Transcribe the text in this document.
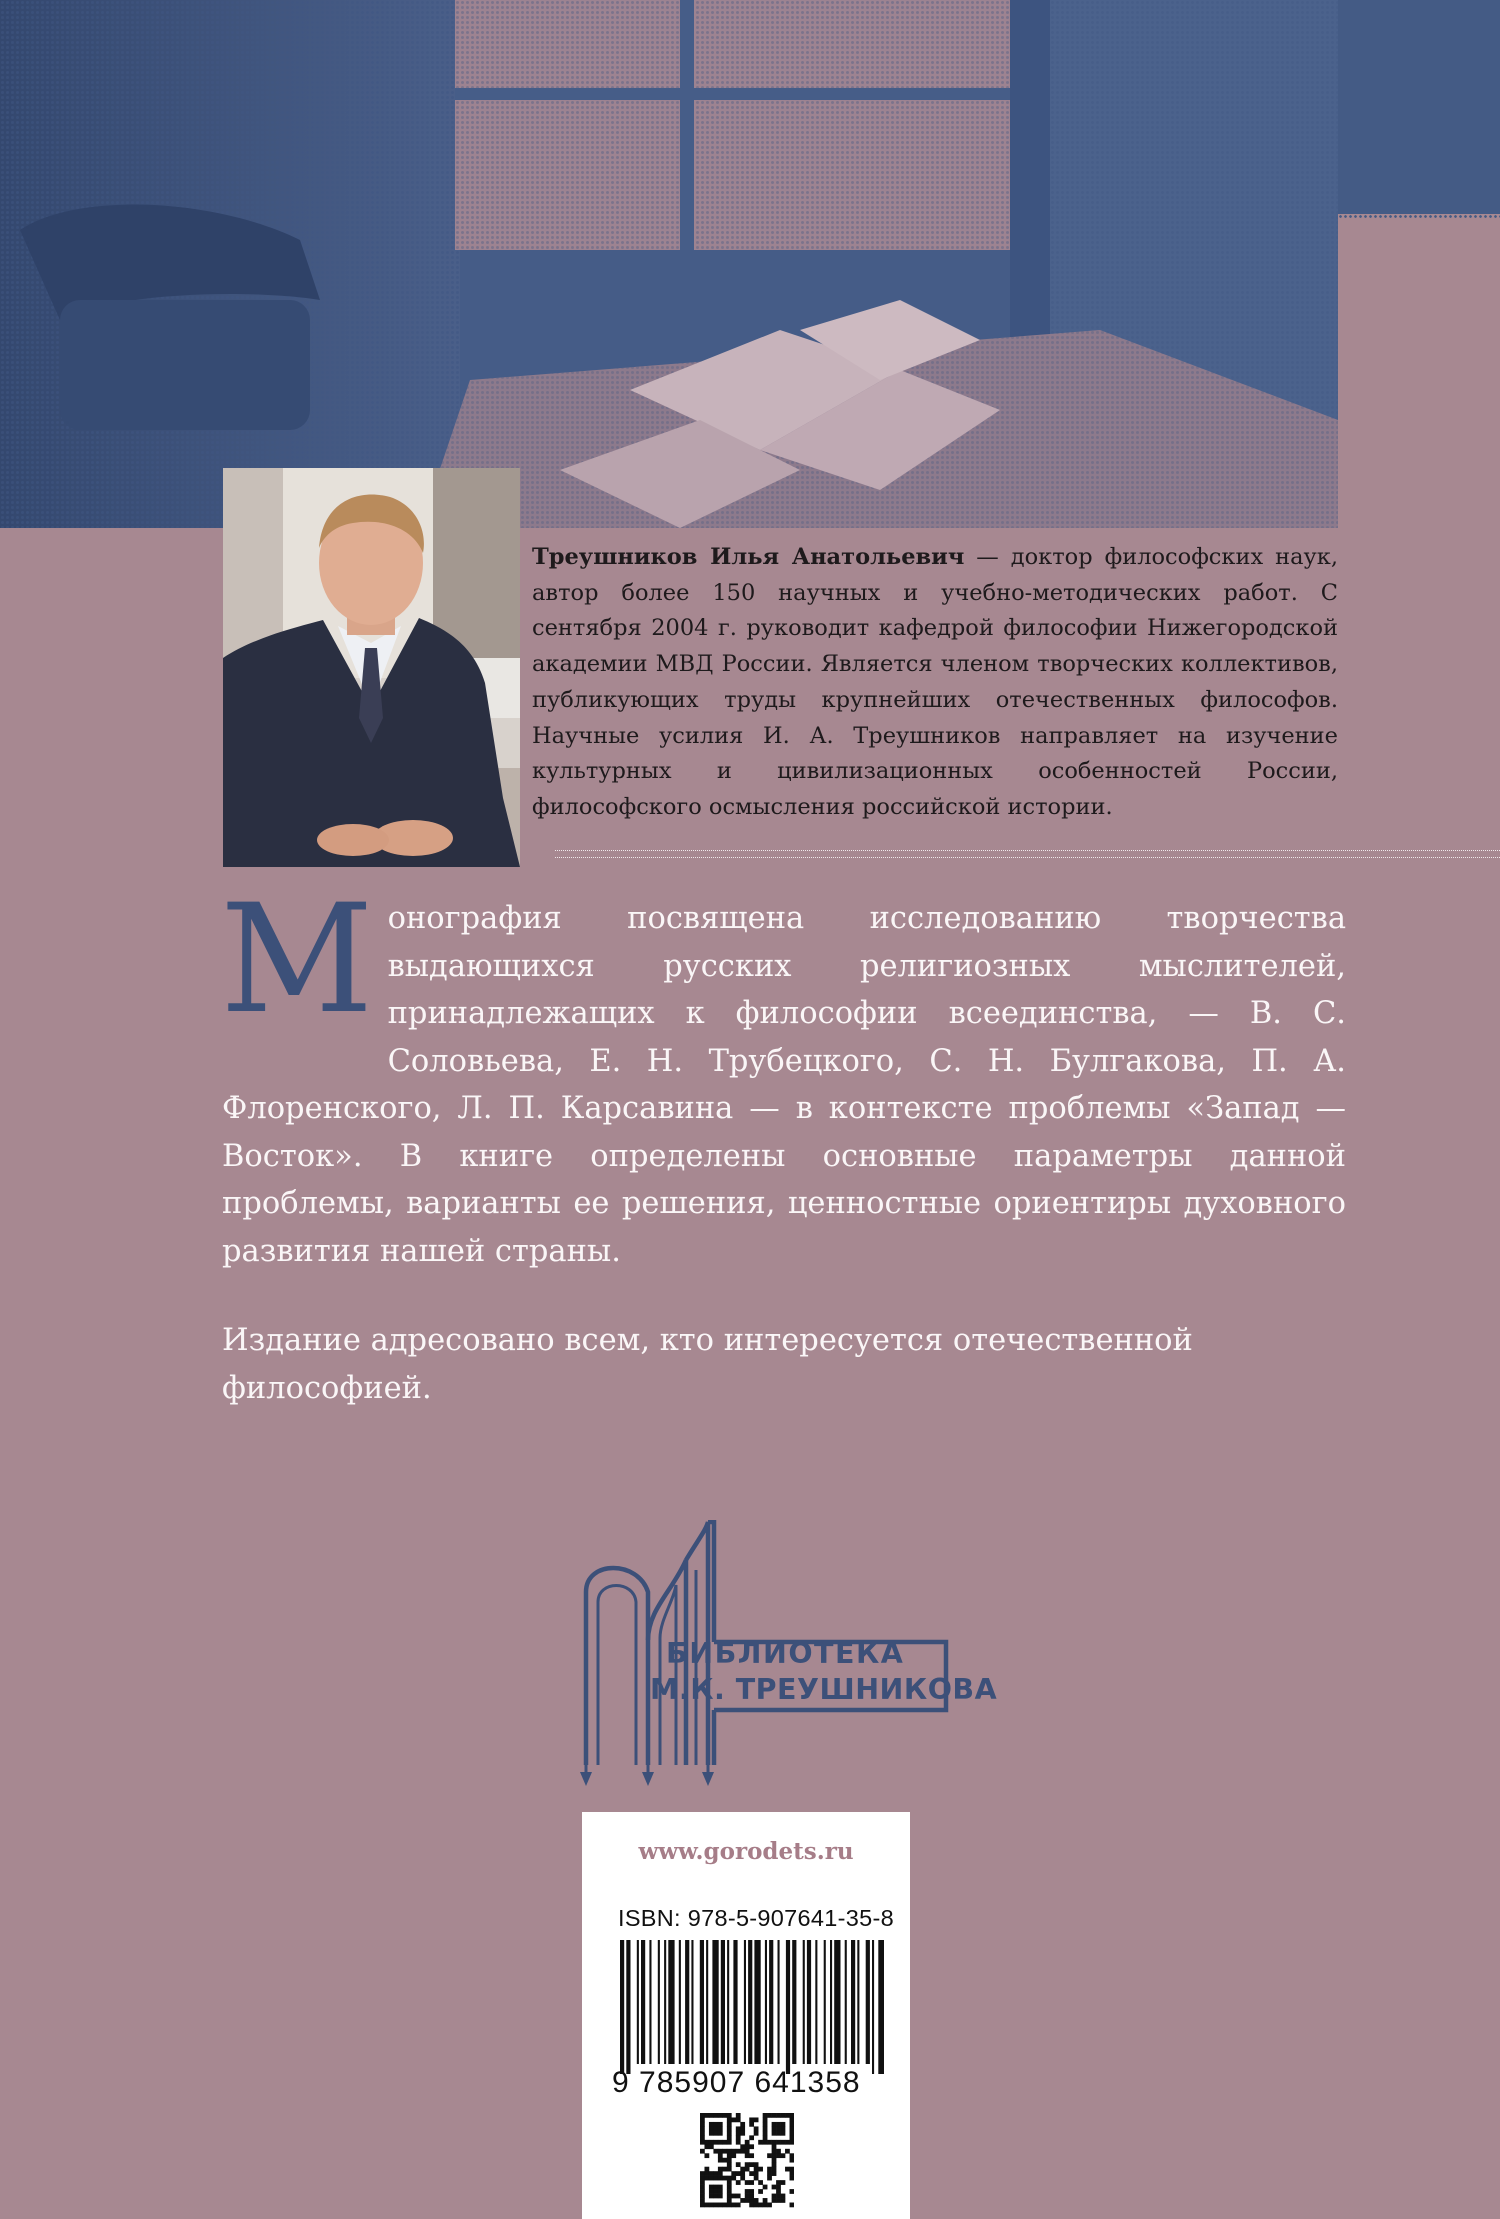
Треушников Илья Анатольевич — доктор философских наук, автор более 150 научных и учебно-методических работ. С сентября 2004 г. руководит кафедрой философии Нижегородской академии МВД России. Является членом творческих коллективов, публикующих труды крупнейших отечественных философов. Научные усилия И. А. Треушников направляет на изучение культурных и цивилизационных особенностей России, философского осмысления российской истории.

Монография посвящена исследованию творчества выдающихся русских религиозных мыслителей, принадлежащих к философии всеединства, — В. С. Соловьева, Е. Н. Трубецкого, С. Н. Булгакова, П. А. Флоренского, Л. П. Карсавина — в контексте проблемы «Запад — Восток». В книге определены основные параметры данной проблемы, варианты ее решения, ценностные ориентиры духовного развития нашей страны.

Издание адресовано всем, кто интересуется отечественной философией.

БИБЛИОТЕКА
М.К. ТРЕУШНИКОВА
www.gorodets.ru
ISBN: 978-5-907641-35-8
9 785907 641358
